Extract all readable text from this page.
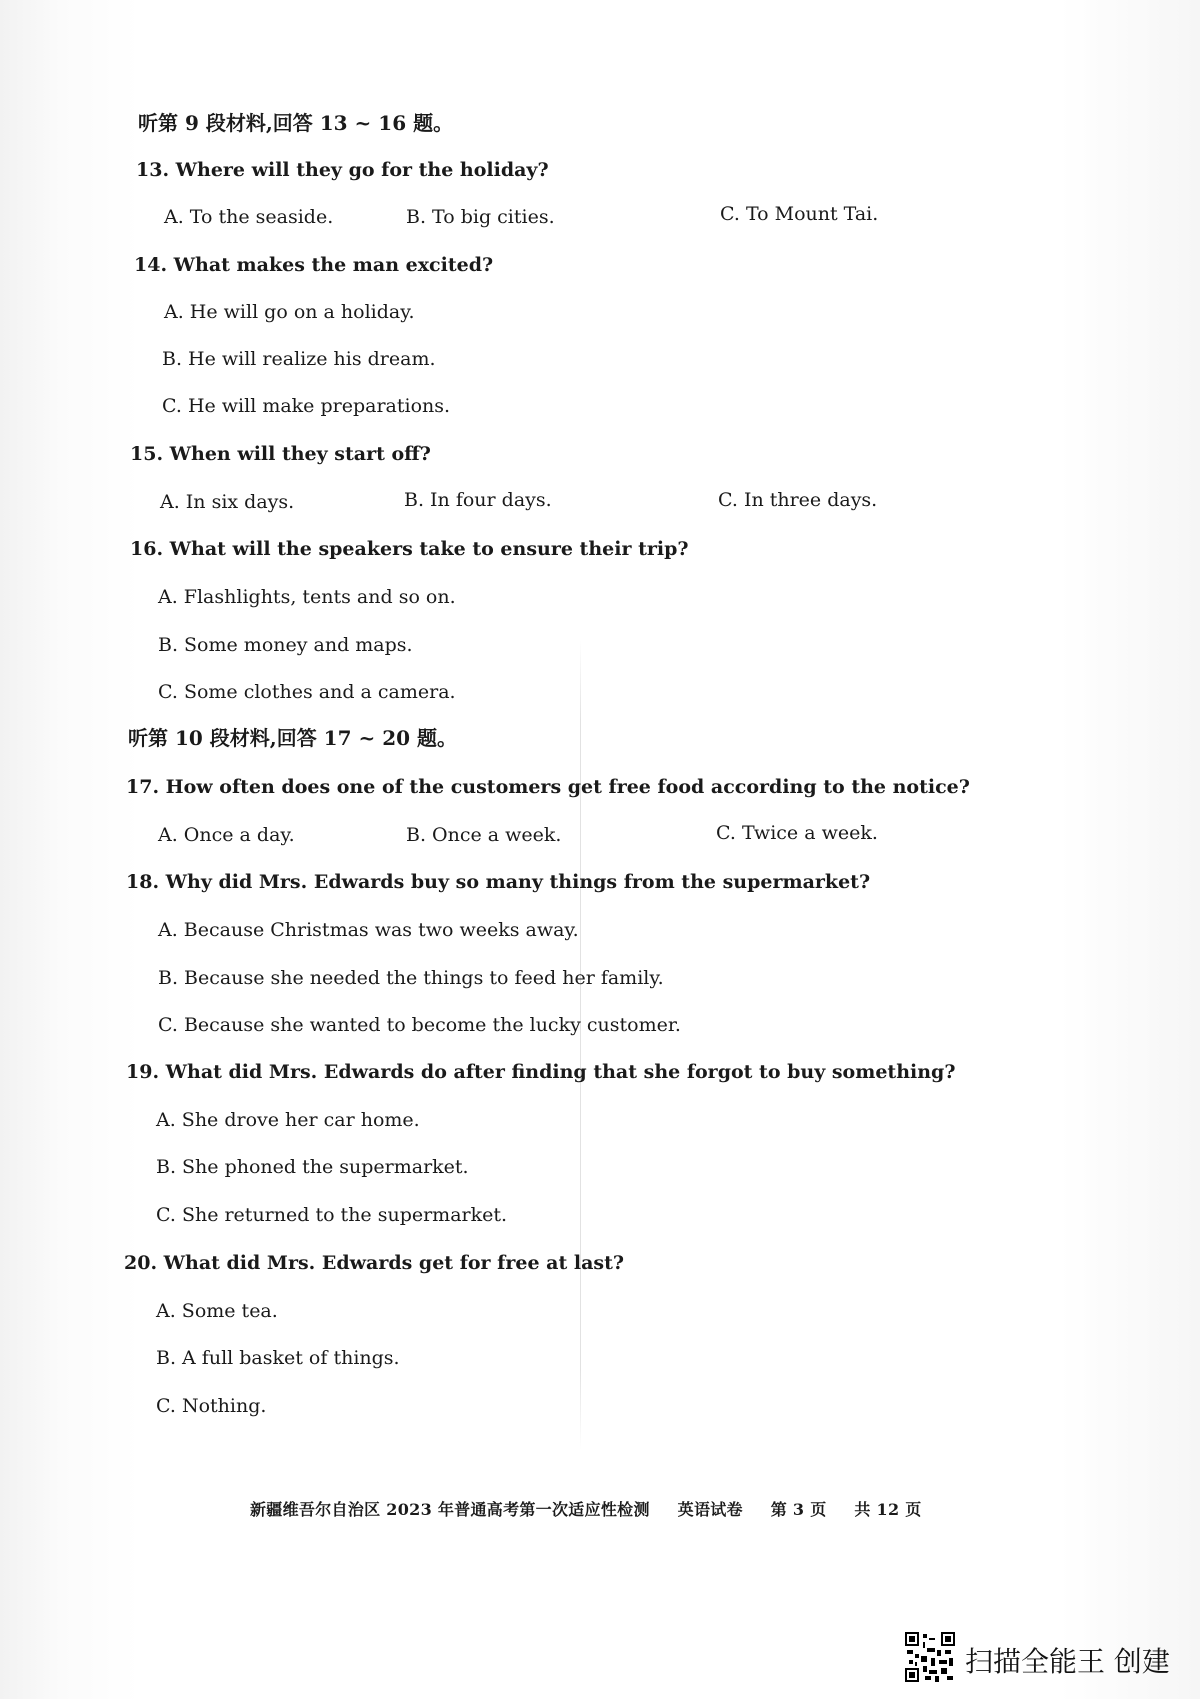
听第 9 段材料,回答 13 ~ 16 题。
13. Where will they go for the holiday?
A. To the seaside.	B. To big cities.	C. To Mount Tai.
14. What makes the man excited?
A. He will go on a holiday.
B. He will realize his dream.
C. He will make preparations.
15. When will they start off?
A. In six days.	B. In four days.	C. In three days.
16. What will the speakers take to ensure their trip?
A. Flashlights, tents and so on.
B. Some money and maps.
C. Some clothes and a camera.
听第 10 段材料,回答 17 ~ 20 题。
17. How often does one of the customers get free food according to the notice?
A. Once a day.	B. Once a week.	C. Twice a week.
18. Why did Mrs. Edwards buy so many things from the supermarket?
A. Because Christmas was two weeks away.
B. Because she needed the things to feed her family.
C. Because she wanted to become the lucky customer.
19. What did Mrs. Edwards do after finding that she forgot to buy something?
A. She drove her car home.
B. She phoned the supermarket.
C. She returned to the supermarket.
20. What did Mrs. Edwards get for free at last?
A. Some tea.
B. A full basket of things.
C. Nothing.
新疆维吾尔自治区 2023 年普通高考第一次适应性检测 英语试卷 第 3 页 共 12 页
扫描全能王 创建
